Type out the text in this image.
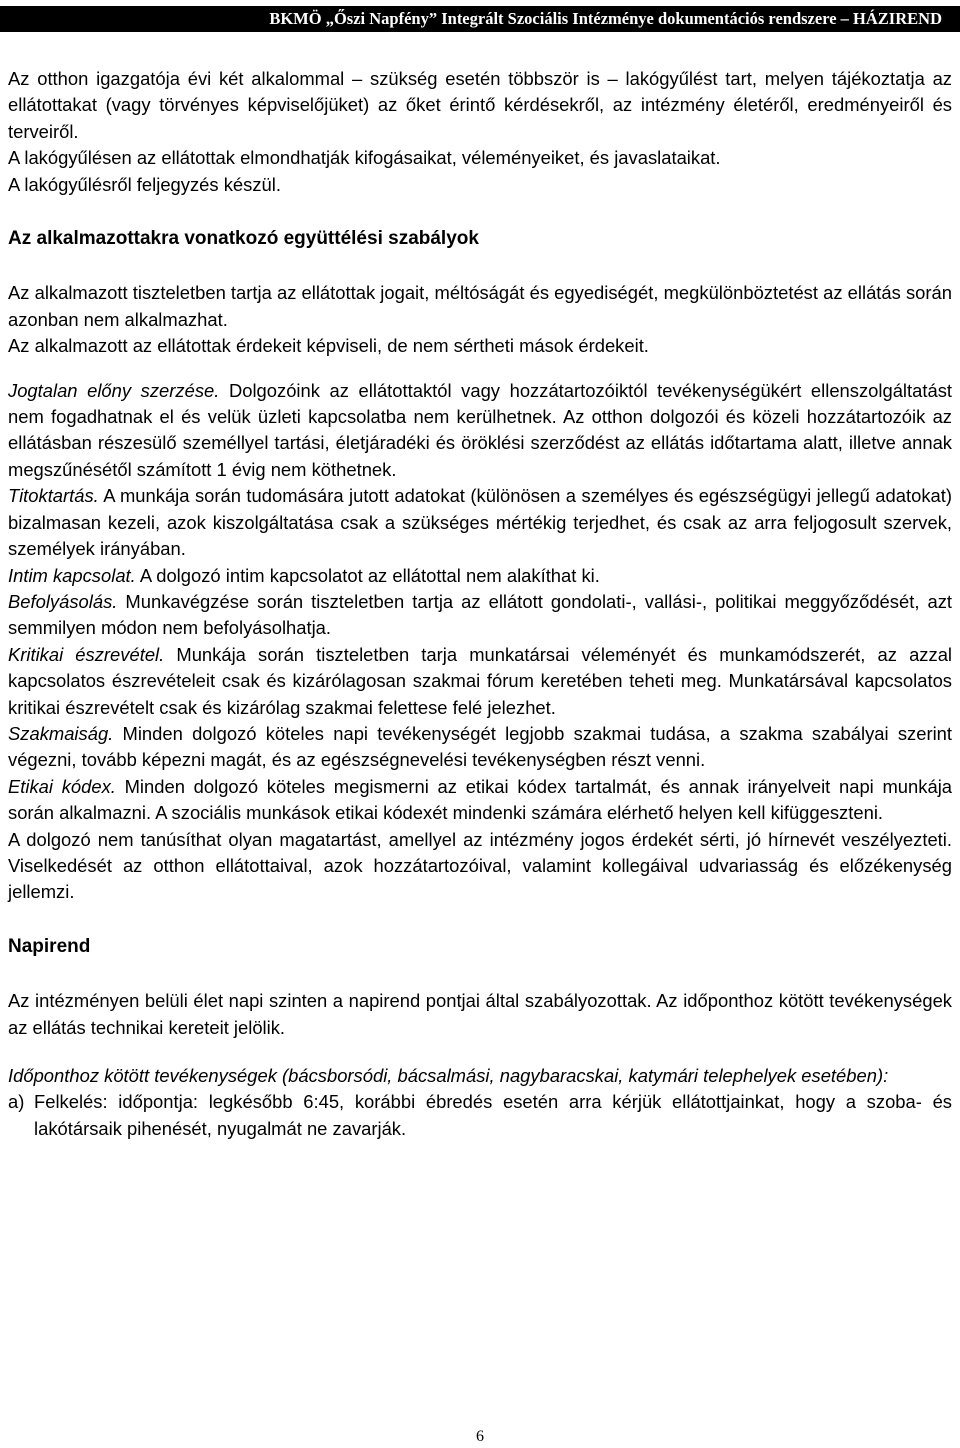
BKMÖ „Őszi Napfény” Integrált Szociális Intézménye dokumentációs rendszere – HÁZIREND

Az otthon igazgatója évi két alkalommal – szükség esetén többször is – lakógyűlést tart, melyen tájékoztatja az ellátottakat (vagy törvényes képviselőjüket) az őket érintő kérdésekről, az intézmény életéről, eredményeiről és terveiről.

A lakógyűlésen az ellátottak elmondhatják kifogásaikat, véleményeiket, és javaslataikat.

A lakógyűlésről feljegyzés készül.

Az alkalmazottakra vonatkozó együttélési szabályok

Az alkalmazott tiszteletben tartja az ellátottak jogait, méltóságát és egyediségét, megkülönböztetést az ellátás során azonban nem alkalmazhat.

Az alkalmazott az ellátottak érdekeit képviseli, de nem sértheti mások érdekeit.

Jogtalan előny szerzése. Dolgozóink az ellátottaktól vagy hozzátartozóiktól tevékenységükért ellenszolgáltatást nem fogadhatnak el és velük üzleti kapcsolatba nem kerülhetnek. Az otthon dolgozói és közeli hozzátartozóik az ellátásban részesülő személlyel tartási, életjáradéki és öröklési szerződést az ellátás időtartama alatt, illetve annak megszűnésétől számított 1 évig nem köthetnek.

Titoktartás. A munkája során tudomására jutott adatokat (különösen a személyes és egészségügyi jellegű adatokat) bizalmasan kezeli, azok kiszolgáltatása csak a szükséges mértékig terjedhet, és csak az arra feljogosult szervek, személyek irányában.

Intim kapcsolat. A dolgozó intim kapcsolatot az ellátottal nem alakíthat ki.

Befolyásolás. Munkavégzése során tiszteletben tartja az ellátott gondolati-, vallási-, politikai meggyőződését, azt semmilyen módon nem befolyásolhatja.

Kritikai észrevétel. Munkája során tiszteletben tarja munkatársai véleményét és munkamódszerét, az azzal kapcsolatos észrevételeit csak és kizárólagosan szakmai fórum keretében teheti meg. Munkatársával kapcsolatos kritikai észrevételt csak és kizárólag szakmai felettese felé jelezhet.

Szakmaiság. Minden dolgozó köteles napi tevékenységét legjobb szakmai tudása, a szakma szabályai szerint végezni, tovább képezni magát, és az egészségnevelési tevékenységben részt venni.

Etikai kódex. Minden dolgozó köteles megismerni az etikai kódex tartalmát, és annak irányelveit napi munkája során alkalmazni. A szociális munkások etikai kódexét mindenki számára elérhető helyen kell kifüggeszteni.

A dolgozó nem tanúsíthat olyan magatartást, amellyel az intézmény jogos érdekét sérti, jó hírnevét veszélyezteti. Viselkedését az otthon ellátottaival, azok hozzátartozóival, valamint kollegáival udvariasság és előzékenység jellemzi.

Napirend

Az intézményen belüli élet napi szinten a napirend pontjai által szabályozottak. Az időponthoz kötött tevékenységek az ellátás technikai kereteit jelölik.

Időponthoz kötött tevékenységek (bácsborsódi, bácsalmási, nagybaracskai, katymári telephelyek esetében):

a) Felkelés: időpontja: legkésőbb 6:45, korábbi ébredés esetén arra kérjük ellátottjainkat, hogy a szoba- és lakótársaik pihenését, nyugalmát ne zavarják.

6
